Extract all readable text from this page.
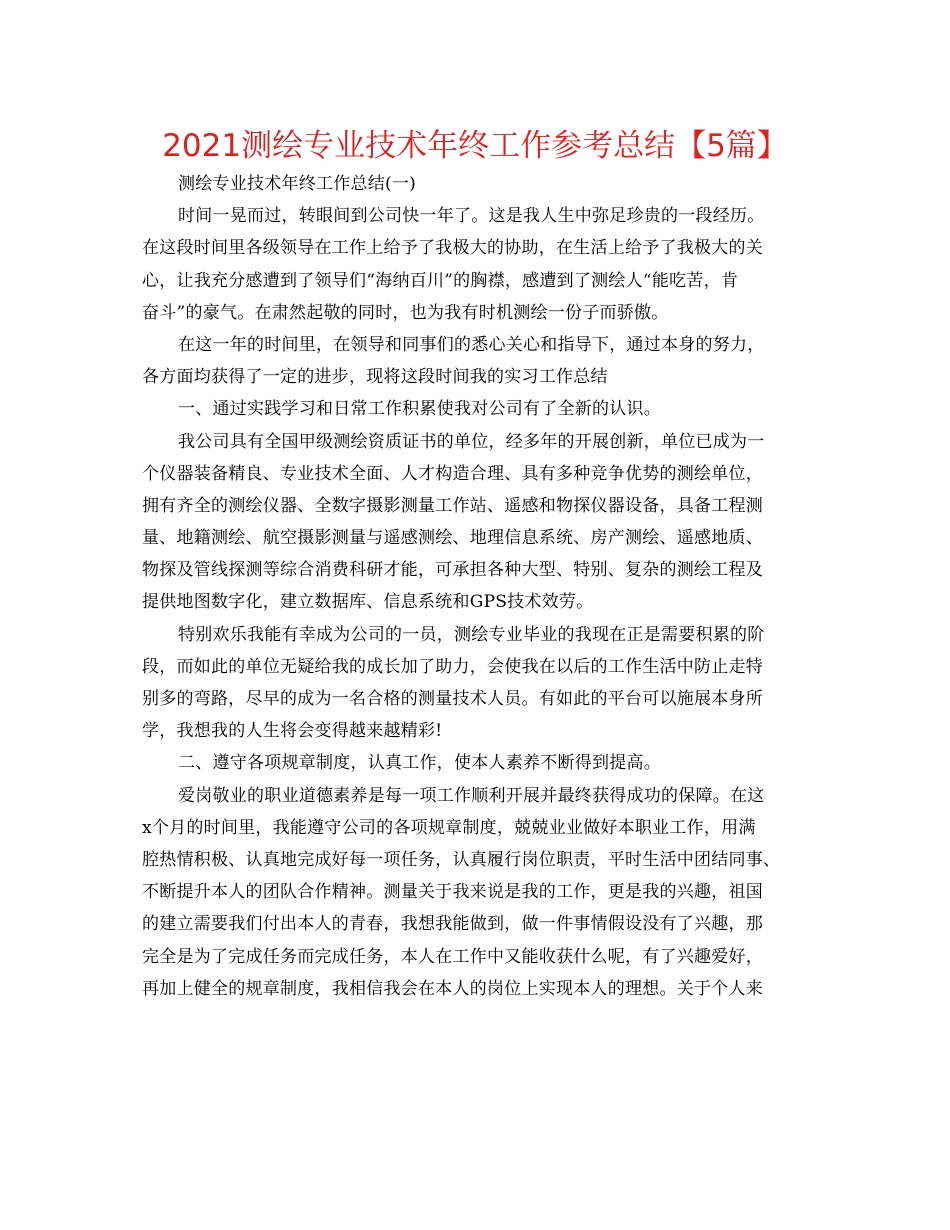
2021测绘专业技术年终工作参考总结【5篇】
测绘专业技术年终工作总结(一)
时间一晃而过，转眼间到公司快一年了。这是我人生中弥足珍贵的一段经历。
在这段时间里各级领导在工作上给予了我极大的协助，在生活上给予了我极大的关
心，让我充分感遭到了领导们“海纳百川”的胸襟，感遭到了测绘人“能吃苦，肯
奋斗”的豪气。在肃然起敬的同时，也为我有时机测绘一份子而骄傲。
在这一年的时间里，在领导和同事们的悉心关心和指导下，通过本身的努力，
各方面均获得了一定的进步，现将这段时间我的实习工作总结
一、通过实践学习和日常工作积累使我对公司有了全新的认识。
我公司具有全国甲级测绘资质证书的单位，经多年的开展创新，单位已成为一
个仪器装备精良、专业技术全面、人才构造合理、具有多种竞争优势的测绘单位，
拥有齐全的测绘仪器、全数字摄影测量工作站、遥感和物探仪器设备，具备工程测
量、地籍测绘、航空摄影测量与遥感测绘、地理信息系统、房产测绘、遥感地质、
物探及管线探测等综合消费科研才能，可承担各种大型、特别、复杂的测绘工程及
提供地图数字化，建立数据库、信息系统和GPS技术效劳。
特别欢乐我能有幸成为公司的一员，测绘专业毕业的我现在正是需要积累的阶
段，而如此的单位无疑给我的成长加了助力，会使我在以后的工作生活中防止走特
别多的弯路，尽早的成为一名合格的测量技术人员。有如此的平台可以施展本身所
学，我想我的人生将会变得越来越精彩!
二、遵守各项规章制度，认真工作，使本人素养不断得到提高。
爱岗敬业的职业道德素养是每一项工作顺利开展并最终获得成功的保障。在这
x个月的时间里，我能遵守公司的各项规章制度，兢兢业业做好本职业工作，用满
腔热情积极、认真地完成好每一项任务，认真履行岗位职责，平时生活中团结同事、
不断提升本人的团队合作精神。测量关于我来说是我的工作，更是我的兴趣，祖国
的建立需要我们付出本人的青春，我想我能做到，做一件事情假设没有了兴趣，那
完全是为了完成任务而完成任务，本人在工作中又能收获什么呢，有了兴趣爱好，
再加上健全的规章制度，我相信我会在本人的岗位上实现本人的理想。关于个人来
